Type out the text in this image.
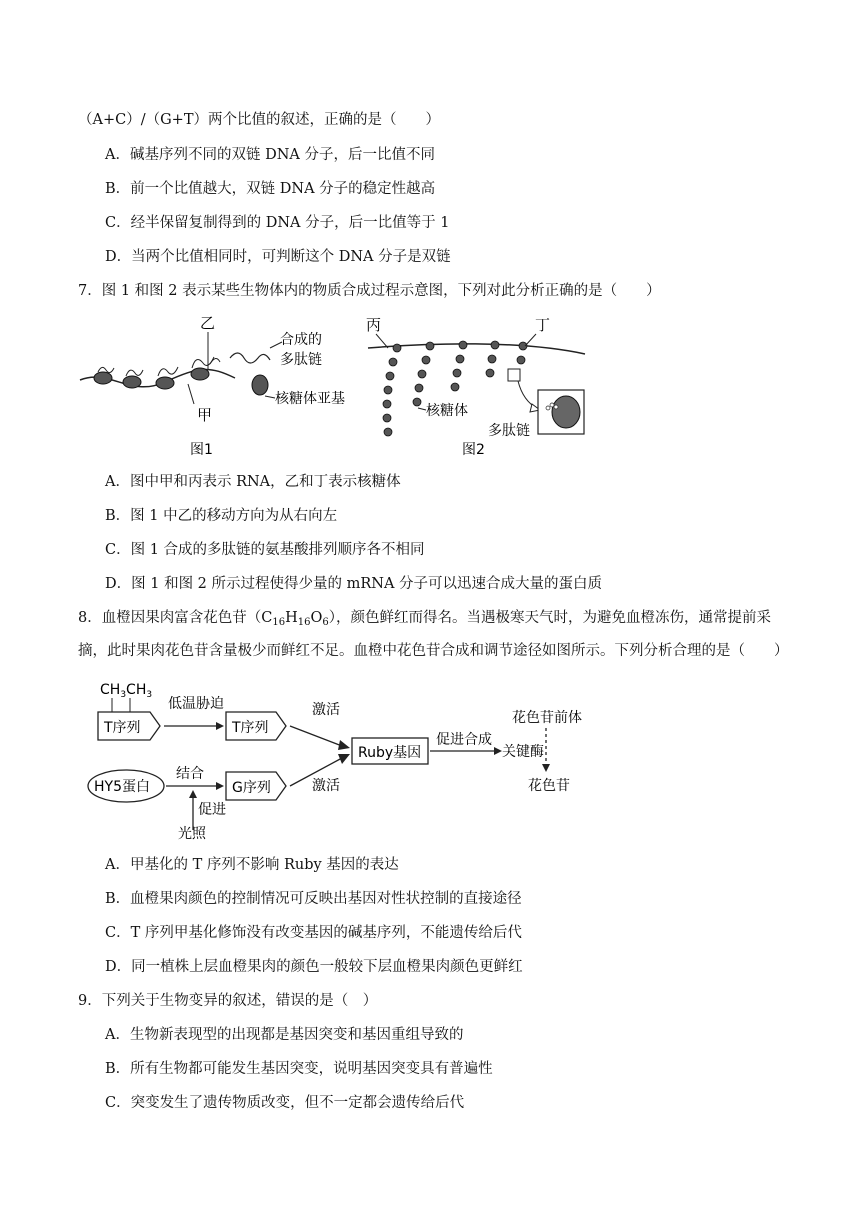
（A+C）/（G+T）两个比值的叙述，正确的是（　　）
A．碱基序列不同的双链 DNA 分子，后一比值不同
B．前一个比值越大，双链 DNA 分子的稳定性越高
C．经半保留复制得到的 DNA 分子，后一比值等于 1
D．当两个比值相同时，可判断这个 DNA 分子是双链
7．图 1 和图 2 表示某些生物体内的物质合成过程示意图，下列对此分析正确的是（　　）
乙
甲
合成的
多肽链
核糖体亚基
图1
丙	丁
核糖体
多肽链
图2
A．图中甲和丙表示 RNA，乙和丁表示核糖体
B．图 1 中乙的移动方向为从右向左
C．图 1 合成的多肽链的氨基酸排列顺序各不相同
D．图 1 和图 2 所示过程使得少量的 mRNA 分子可以迅速合成大量的蛋白质
8．血橙因果肉富含花色苷$(C_{16}H_{16}O_6)$，颜色鲜红而得名。当遇极寒天气时，为避免血橙冻伤，通常提前采
摘，此时果肉花色苷含量极少而鲜红不足。血橙中花色苷合成和调节途径如图所示。下列分析合理的是（　　）
$CH_3CH_3$
T序列
低温胁迫
T序列
激活
Ruby基因
促进合成
关键酶
花色苷前体
花色苷
HY5蛋白
结合
G序列	激活
促进
光照
A．甲基化的 T 序列不影响 Ruby 基因的表达
B．血橙果肉颜色的控制情况可反映出基因对性状控制的直接途径
C．T 序列甲基化修饰没有改变基因的碱基序列，不能遗传给后代
D．同一植株上层血橙果肉的颜色一般较下层血橙果肉颜色更鲜红
9．下列关于生物变异的叙述，错误的是（　）
A．生物新表现型的出现都是基因突变和基因重组导致的
B．所有生物都可能发生基因突变，说明基因突变具有普遍性
C．突变发生了遗传物质改变，但不一定都会遗传给后代
